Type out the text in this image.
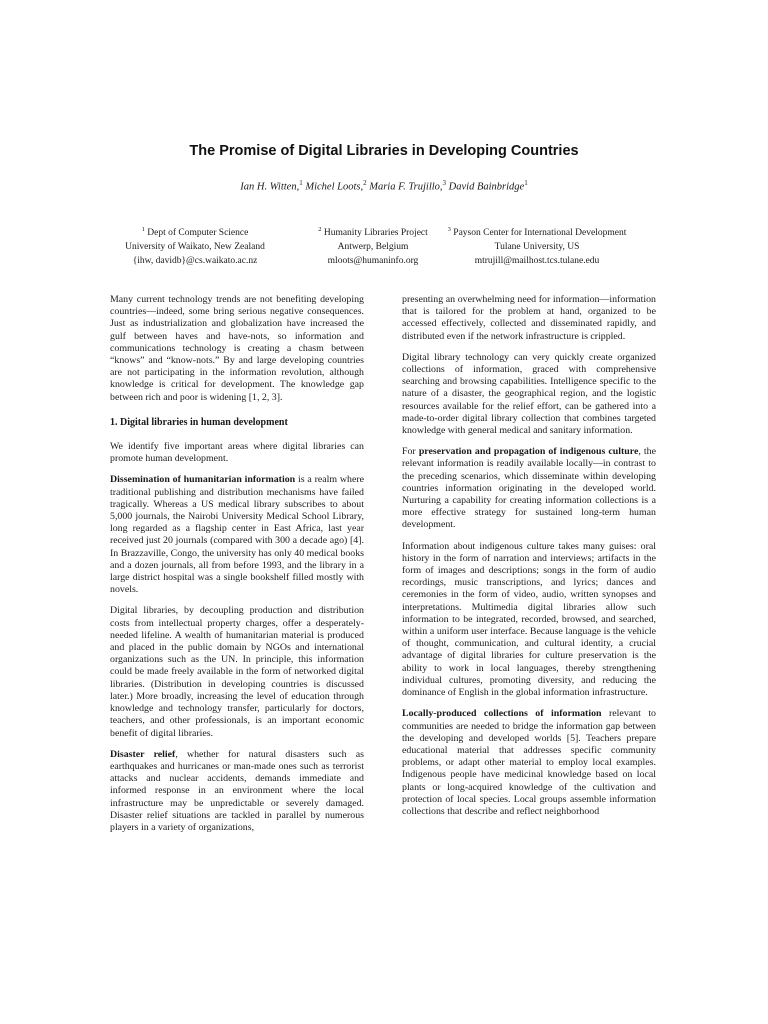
The Promise of Digital Libraries in Developing Countries
Ian H. Witten,$^1$ Michel Loots,$^2$ Maria F. Trujillo,$^3$ David Bainbridge$^1$
$^1$ Dept of Computer Science
University of Waikato, New Zealand
{ihw, davidb}@cs.waikato.ac.nz
$^2$ Humanity Libraries Project
Antwerp, Belgium
mloots@humaninfo.org
$^3$ Payson Center for International Development
Tulane University, US
mtrujill@mailhost.tcs.tulane.edu

Many current technology trends are not benefiting developing countries—indeed, some bring serious negative consequences. Just as industrialization and globalization have increased the gulf between haves and have-nots, so information and communications technology is creating a chasm between “knows” and “know-nots.” By and large developing countries are not participating in the information revolution, although knowledge is critical for development. The knowledge gap between rich and poor is widening [1, 2, 3].

1. Digital libraries in human development

We identify five important areas where digital libraries can promote human development.

Dissemination of humanitarian information is a realm where traditional publishing and distribution mechanisms have failed tragically. Whereas a US medical library subscribes to about 5,000 journals, the Nairobi University Medical School Library, long regarded as a flagship center in East Africa, last year received just 20 journals (compared with 300 a decade ago) [4]. In Brazzaville, Congo, the university has only 40 medical books and a dozen journals, all from before 1993, and the library in a large district hospital was a single bookshelf filled mostly with novels.

Digital libraries, by decoupling production and distribution costs from intellectual property charges, offer a desperately-needed lifeline. A wealth of humanitarian material is produced and placed in the public domain by NGOs and international organizations such as the UN. In principle, this information could be made freely available in the form of networked digital libraries. (Distribution in developing countries is discussed later.) More broadly, increasing the level of education through knowledge and technology transfer, particularly for doctors, teachers, and other professionals, is an important economic benefit of digital libraries.

Disaster relief, whether for natural disasters such as earthquakes and hurricanes or man-made ones such as terrorist attacks and nuclear accidents, demands immediate and informed response in an environment where the local infrastructure may be unpredictable or severely damaged. Disaster relief situations are tackled in parallel by numerous players in a variety of organizations,

presenting an overwhelming need for information—information that is tailored for the problem at hand, organized to be accessed effectively, collected and disseminated rapidly, and distributed even if the network infrastructure is crippled.

Digital library technology can very quickly create organized collections of information, graced with comprehensive searching and browsing capabilities. Intelligence specific to the nature of a disaster, the geographical region, and the logistic resources available for the relief effort, can be gathered into a made-to-order digital library collection that combines targeted knowledge with general medical and sanitary information.

For preservation and propagation of indigenous culture, the relevant information is readily available locally—in contrast to the preceding scenarios, which disseminate within developing countries information originating in the developed world. Nurturing a capability for creating information collections is a more effective strategy for sustained long-term human development.

Information about indigenous culture takes many guises: oral history in the form of narration and interviews; artifacts in the form of images and descriptions; songs in the form of audio recordings, music transcriptions, and lyrics; dances and ceremonies in the form of video, audio, written synopses and interpretations. Multimedia digital libraries allow such information to be integrated, recorded, browsed, and searched, within a uniform user interface. Because language is the vehicle of thought, communication, and cultural identity, a crucial advantage of digital libraries for culture preservation is the ability to work in local languages, thereby strengthening individual cultures, promoting diversity, and reducing the dominance of English in the global information infrastructure.

Locally-produced collections of information relevant to communities are needed to bridge the information gap between the developing and developed worlds [5]. Teachers prepare educational material that addresses specific community problems, or adapt other material to employ local examples. Indigenous people have medicinal knowledge based on local plants or long-acquired knowledge of the cultivation and protection of local species. Local groups assemble information collections that describe and reflect neighborhood
